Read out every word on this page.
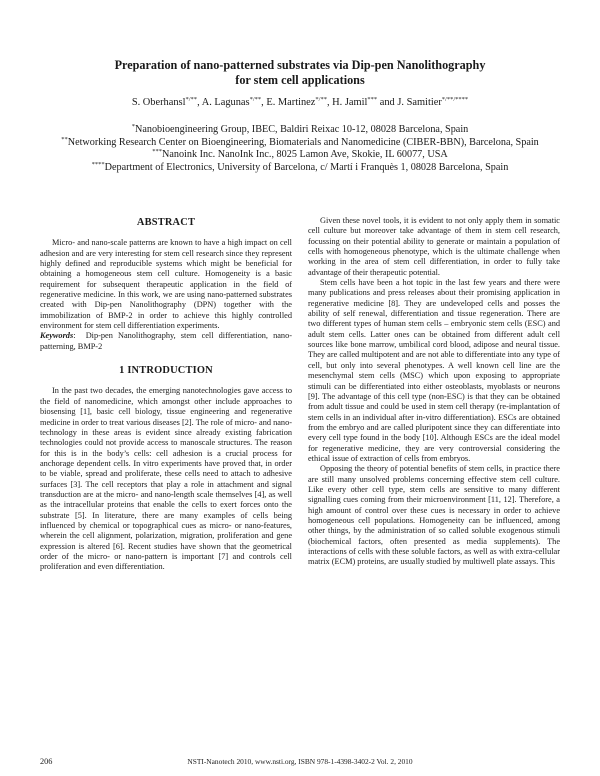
Preparation of nano-patterned substrates via Dip-pen Nanolithography
for stem cell applications
S. Oberhansl*/**, A. Lagunas*/**, E. Martinez*/**, H. Jamil*** and J. Samitier*/**/****

*Nanobioengineering Group, IBEC, Baldiri Reixac 10-12, 08028 Barcelona, Spain

**Networking Research Center on Bioengineering, Biomaterials and Nanomedicine (CIBER-BBN), Barcelona, Spain

***Nanoink Inc. NanoInk Inc., 8025 Lamon Ave, Skokie, IL 60077, USA

****Department of Electronics, University of Barcelona, c/ Martí i Franquès 1, 08028 Barcelona, Spain

ABSTRACT

Micro- and nano-scale patterns are known to have a high impact on cell adhesion and are very interesting for stem cell research since they represent highly defined and reproducible systems which might be beneficial for obtaining a homogeneous stem cell culture. Homogeneity is a basic requirement for subsequent therapeutic application in the field of regenerative medicine. In this work, we are using nano-patterned substrates created with Dip-pen Nanolithography (DPN) together with the immobilization of BMP-2 in order to achieve this highly controlled environment for stem cell differentiation experiments.

Keywords:  Dip-pen Nanolithography, stem cell differentiation, nano-patterning, BMP-2

1 INTRODUCTION

In the past two decades, the emerging nanotechnologies gave access to the field of nanomedicine, which amongst other include approaches to biosensing [1], basic cell biology, tissue engineering and regenerative medicine in order to treat various diseases [2]. The role of micro- and nano-technology in these areas is evident since already existing fabrication technologies could not provide access to manoscale structures. The reason for this is in the body’s cells: cell adhesion is a crucial process for anchorage dependent cells. In vitro experiments have proved that, in order to be viable, spread and proliferate, these cells need to attach to adhesive surfaces [3]. The cell receptors that play a role in attachment and signal transduction are at the micro- and nano-length scale themselves [4], as well as the intracellular proteins that enable the cells to exert forces onto the substrate [5]. In literature, there are many examples of cells being influenced by chemical or topographical cues as micro- or nano-features, wherein the cell alignment, polarization, migration, proliferation and gene expression is altered [6]. Recent studies have shown that the geometrical order of the micro- or nano-pattern is important [7] and controls cell proliferation and even differentiation.

Given these novel tools, it is evident to not only apply them in somatic cell culture but moreover take advantage of them in stem cell research, focussing on their potential ability to generate or maintain a population of cells with homogeneous phenotype, which is the ultimate challenge when working in the area of stem cell differentiation, in order to fully take advantage of their therapeutic potential.

Stem cells have been a hot topic in the last few years and there were many publications and press releases about their promising application in regenerative medicine [8]. They are undeveloped cells and posses the ability of self renewal, differentiation and tissue regeneration. There are two different types of human stem cells – embryonic stem cells (ESC) and adult stem cells. Latter ones can be obtained from different adult cell sources like bone marrow, umbilical cord blood, adipose and neural tissue. They are called multipotent and are not able to differentiate into any type of cell, but only into several phenotypes. A well known cell line are the mesenchymal stem cells (MSC) which upon exposing to appropriate stimuli can be differentiated into either osteoblasts, myoblasts or neurons [9]. The advantage of this cell type (non-ESC) is that they can be obtained from adult tissue and could be used in stem cell therapy (re-implantation of stem cells in an individual after in-vitro differentiation). ESCs are obtained from the embryo and are called pluripotent since they can differentiate into every cell type found in the body [10]. Although ESCs are the ideal model for regenerative medicine, they are very controversial considering the ethical issue of extraction of cells from embryos.

Opposing the theory of potential benefits of stem cells, in practice there are still many unsolved problems concerning effective stem cell culture. Like every other cell type, stem cells are sensitive to many different signalling cues coming from their microenvironment [11, 12]. Therefore, a high amount of control over these cues is necessary in order to achieve homogeneous cell populations. Homogeneity can be influenced, among other things, by the administration of so called soluble exogenous stimuli (biochemical factors, often presented as media supplements). The interactions of cells with these soluble factors, as well as with extra-cellular matrix (ECM) proteins, are usually studied by multiwell plate assays. This

206	NSTI-Nanotech 2010, www.nsti.org, ISBN 978-1-4398-3402-2 Vol. 2, 2010
